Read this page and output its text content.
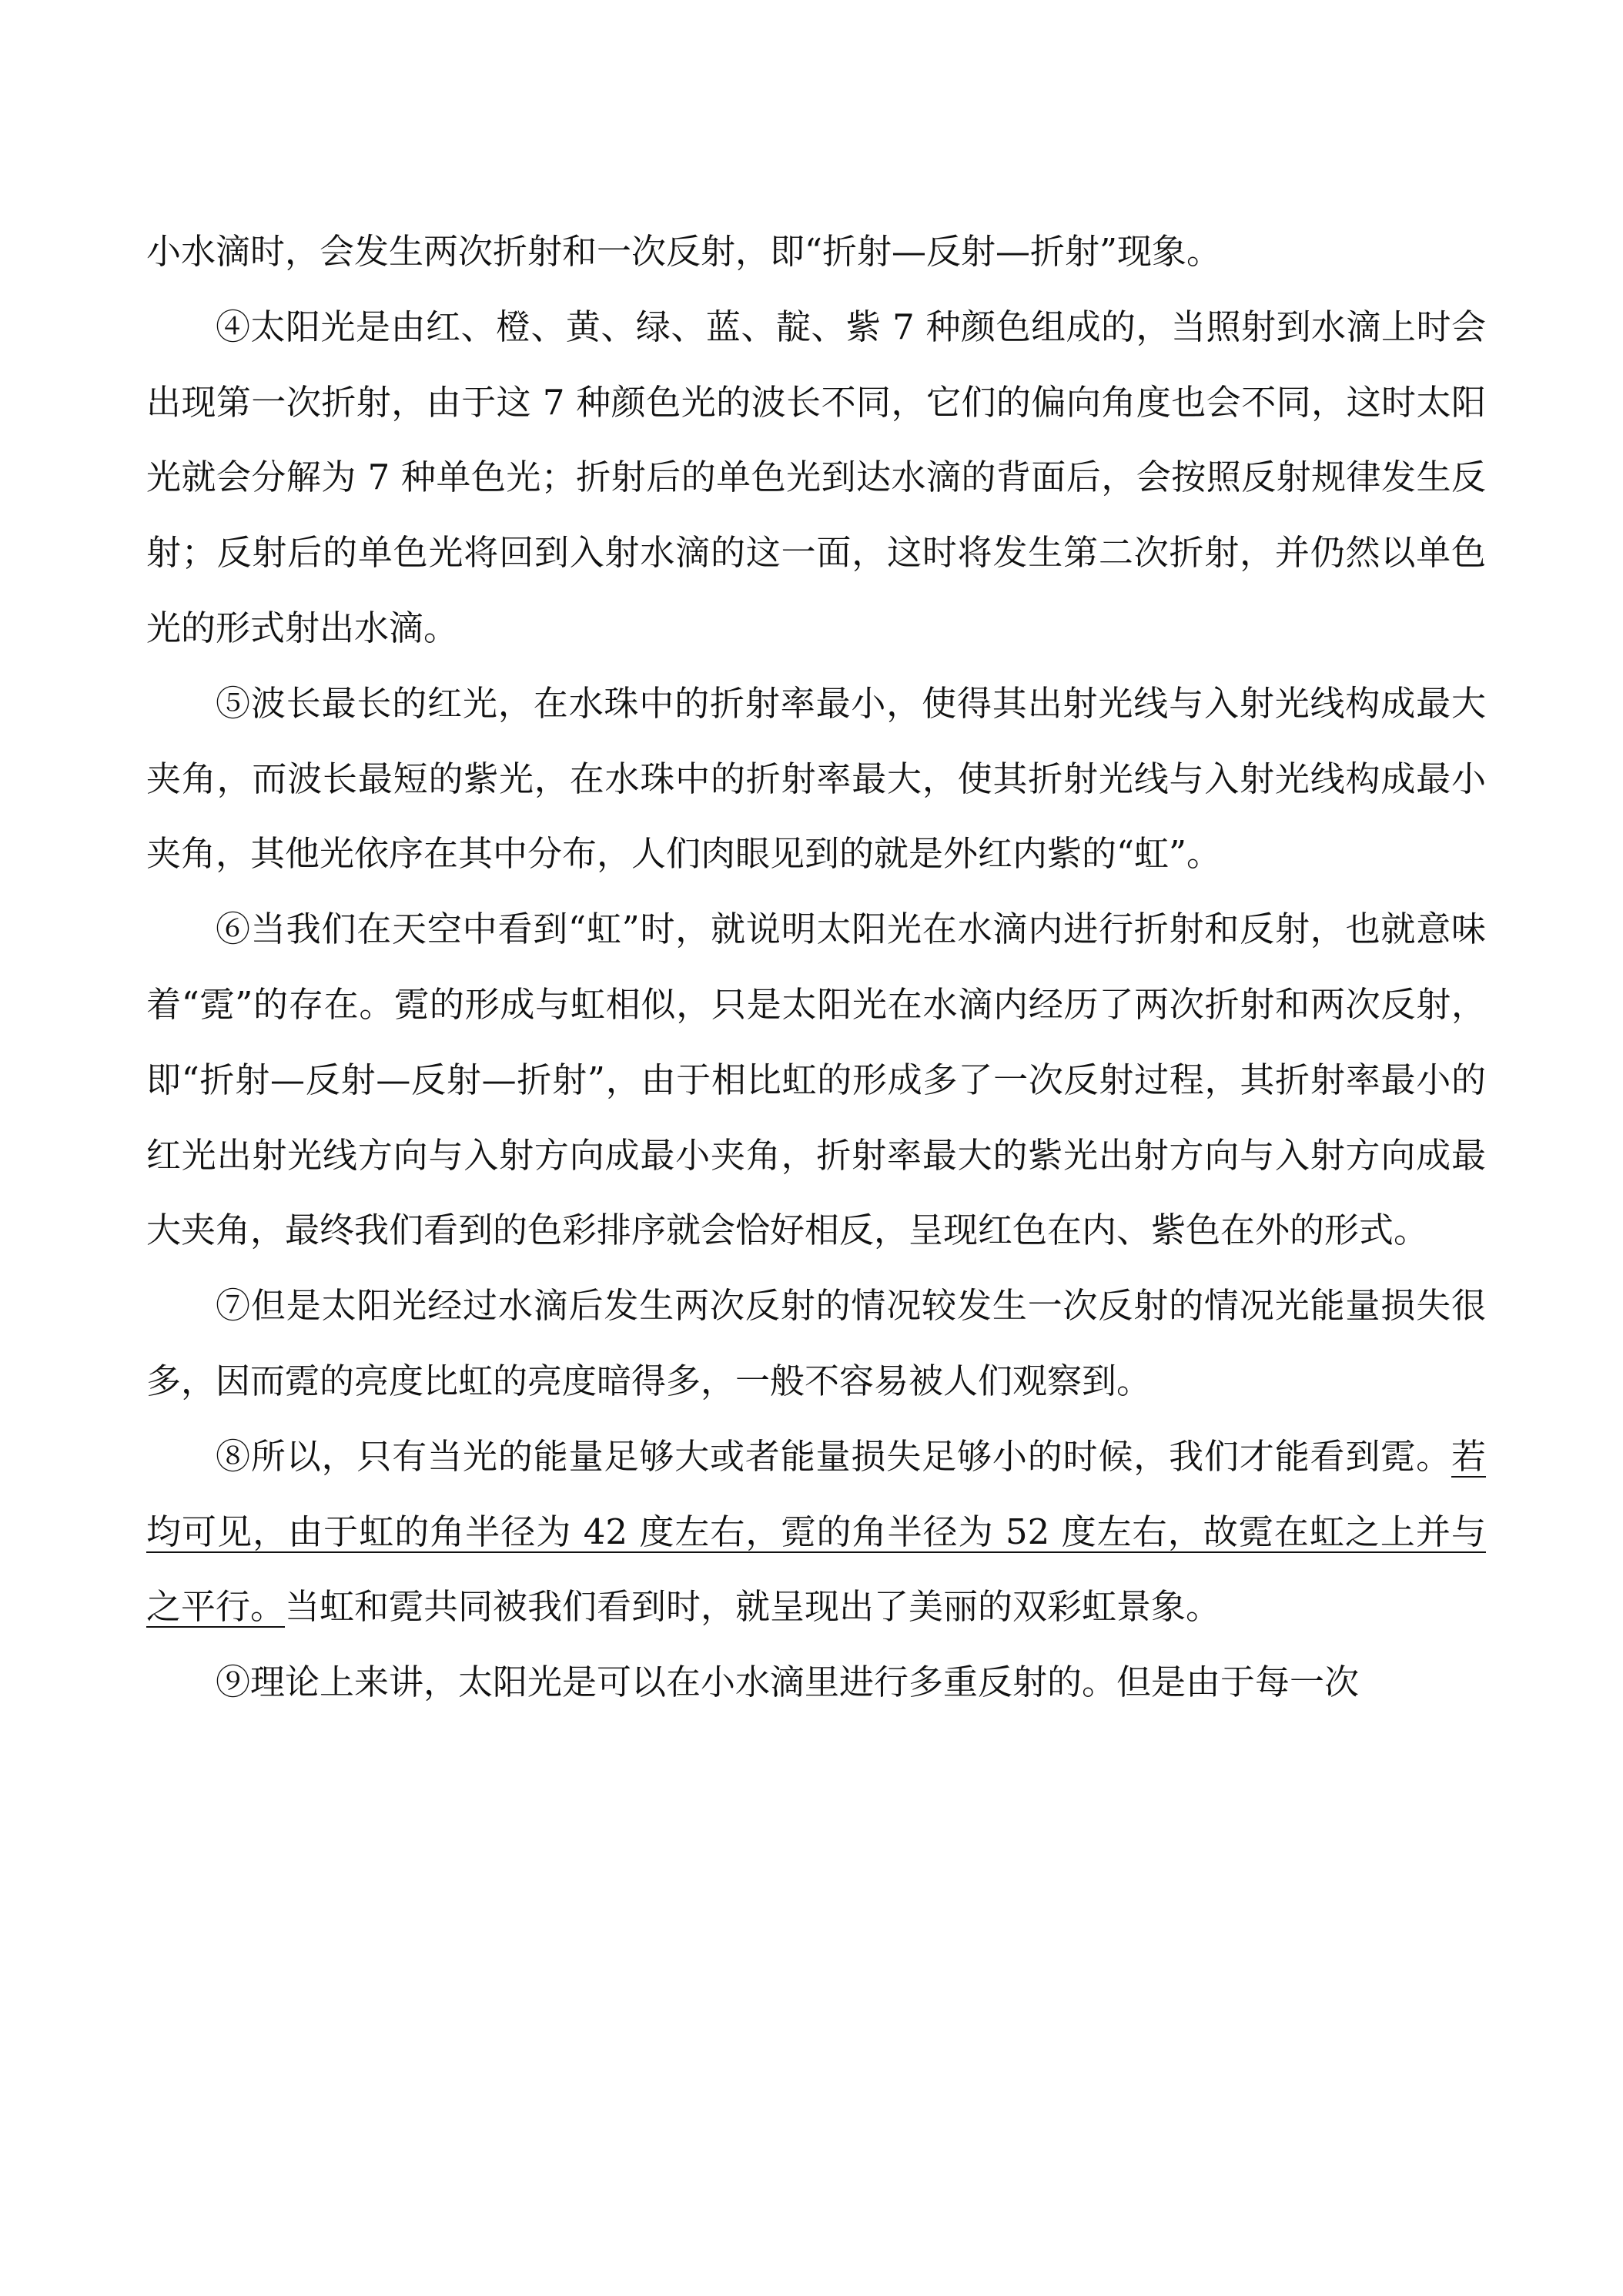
小水滴时，会发生两次折射和一次反射，即“折射—反射—折射”现象。

④太阳光是由红、橙、黄、绿、蓝、靛、紫 7 种颜色组成的，当照射到水滴上时会出现第一次折射，由于这 7 种颜色光的波长不同，它们的偏向角度也会不同，这时太阳光就会分解为 7 种单色光；折射后的单色光到达水滴的背面后，会按照反射规律发生反射；反射后的单色光将回到入射水滴的这一面，这时将发生第二次折射，并仍然以单色光的形式射出水滴。

⑤波长最长的红光，在水珠中的折射率最小，使得其出射光线与入射光线构成最大夹角，而波长最短的紫光，在水珠中的折射率最大，使其折射光线与入射光线构成最小夹角，其他光依序在其中分布，人们肉眼见到的就是外红内紫的“虹”。

⑥当我们在天空中看到“虹”时，就说明太阳光在水滴内进行折射和反射，也就意味着“霓”的存在。霓的形成与虹相似，只是太阳光在水滴内经历了两次折射和两次反射，即“折射—反射—反射—折射”，由于相比虹的形成多了一次反射过程，其折射率最小的红光出射光线方向与入射方向成最小夹角，折射率最大的紫光出射方向与入射方向成最大夹角，最终我们看到的色彩排序就会恰好相反，呈现红色在内、紫色在外的形式。

⑦但是太阳光经过水滴后发生两次反射的情况较发生一次反射的情况光能量损失很多，因而霓的亮度比虹的亮度暗得多，一般不容易被人们观察到。

⑧所以，只有当光的能量足够大或者能量损失足够小的时候，我们才能看到霓。若均可见，由于虹的角半径为 42 度左右，霓的角半径为 52 度左右，故霓在虹之上并与之平行。当虹和霓共同被我们看到时，就呈现出了美丽的双彩虹景象。

⑨理论上来讲，太阳光是可以在小水滴里进行多重反射的。但是由于每一次
